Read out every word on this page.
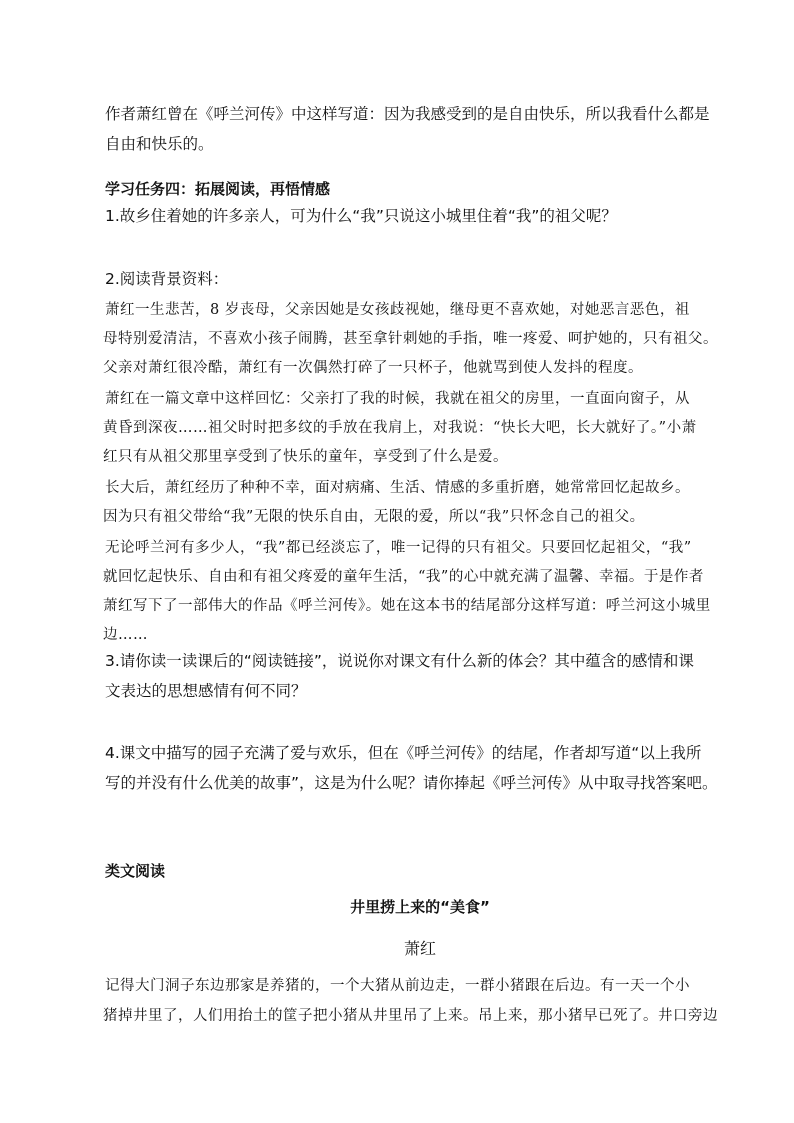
作者萧红曾在《呼兰河传》中这样写道：因为我感受到的是自由快乐，所以我看什么都是
自由和快乐的。

学习任务四：拓展阅读，再悟情感

1.故乡住着她的许多亲人，可为什么“我”只说这小城里住着“我”的祖父呢？

2.阅读背景资料：

萧红一生悲苦，8 岁丧母，父亲因她是女孩歧视她，继母更不喜欢她，对她恶言恶色，祖
母特别爱清洁，不喜欢小孩子闹腾，甚至拿针刺她的手指，唯一疼爱、呵护她的，只有祖父。
父亲对萧红很冷酷，萧红有一次偶然打碎了一只杯子，他就骂到使人发抖的程度。
萧红在一篇文章中这样回忆：父亲打了我的时候，我就在祖父的房里，一直面向窗子，从
黄昏到深夜……祖父时时把多纹的手放在我肩上，对我说：“快长大吧，长大就好了。”小萧
红只有从祖父那里享受到了快乐的童年，享受到了什么是爱。
长大后，萧红经历了种种不幸，面对病痛、生活、情感的多重折磨，她常常回忆起故乡。
因为只有祖父带给“我”无限的快乐自由，无限的爱，所以“我”只怀念自己的祖父。
无论呼兰河有多少人，“我”都已经淡忘了，唯一记得的只有祖父。只要回忆起祖父，“我”
就回忆起快乐、自由和有祖父疼爱的童年生活，“我”的心中就充满了温馨、幸福。于是作者
萧红写下了一部伟大的作品《呼兰河传》。她在这本书的结尾部分这样写道：呼兰河这小城里
边……

3.请你读一读课后的“阅读链接”，说说你对课文有什么新的体会？其中蕴含的感情和课
文表达的思想感情有何不同？

4.课文中描写的园子充满了爱与欢乐，但在《呼兰河传》的结尾，作者却写道“以上我所
写的并没有什么优美的故事”，这是为什么呢？请你捧起《呼兰河传》从中取寻找答案吧。

类文阅读

井里捞上来的“美食”

萧红

记得大门洞子东边那家是养猪的，一个大猪从前边走，一群小猪跟在后边。有一天一个小
猪掉井里了，人们用抬土的筐子把小猪从井里吊了上来。吊上来，那小猪早已死了。井口旁边
